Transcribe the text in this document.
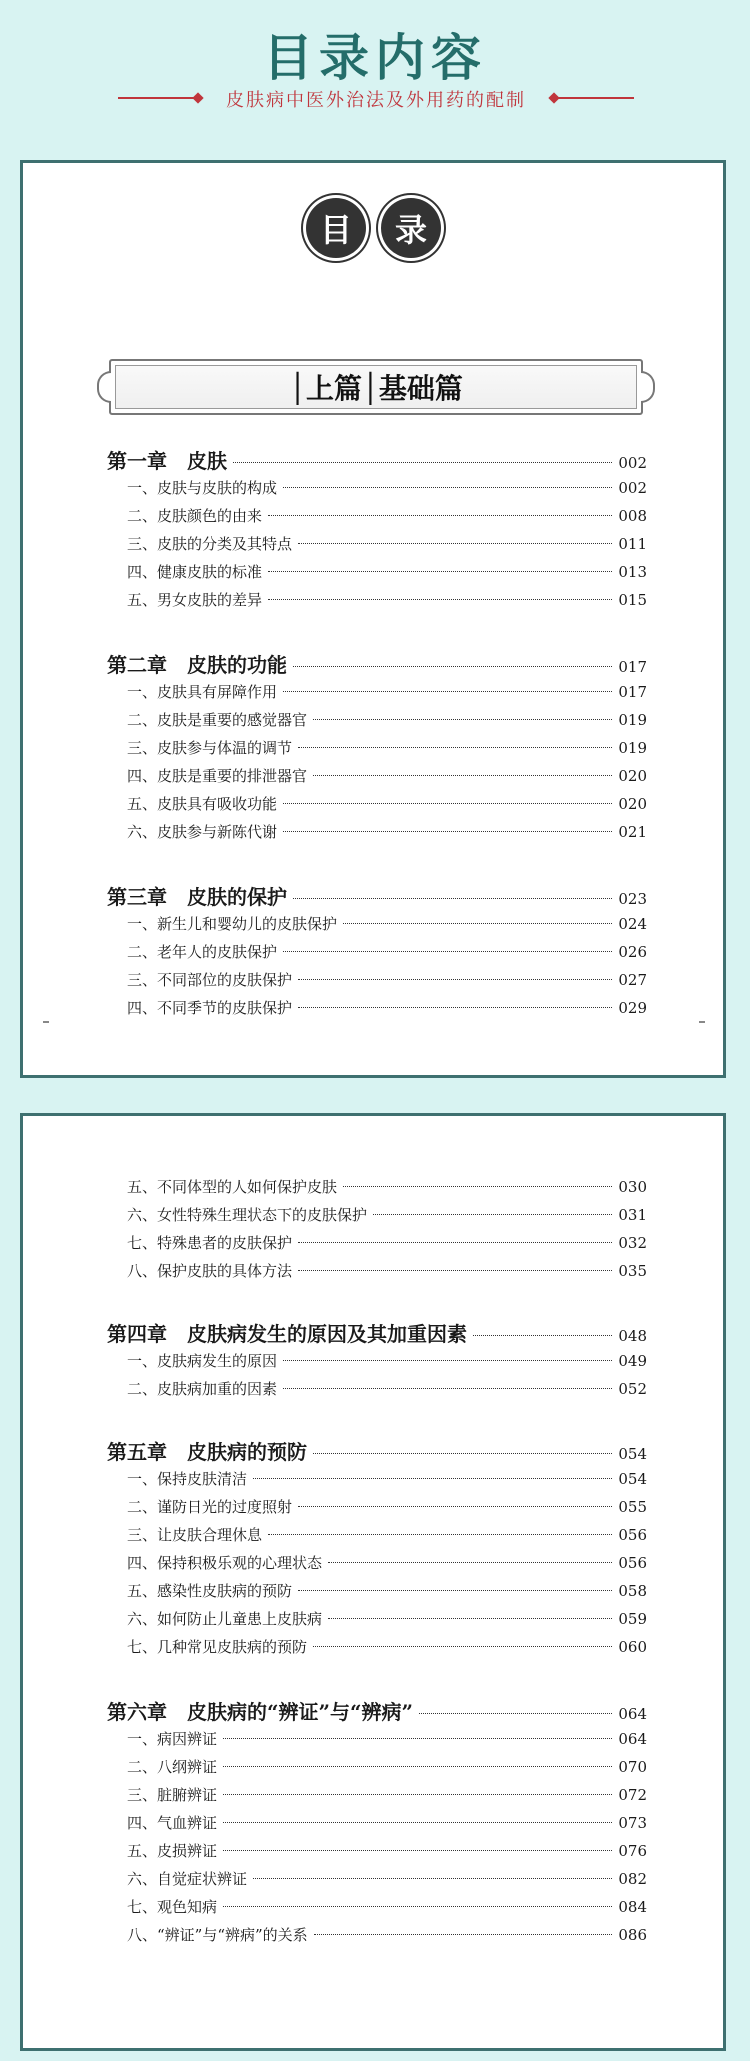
目录内容
皮肤病中医外治法及外用药的配制
目	录
│上篇│基础篇
第一章　皮肤	002
一、皮肤与皮肤的构成	002
二、皮肤颜色的由来	008
三、皮肤的分类及其特点	011
四、健康皮肤的标准	013
五、男女皮肤的差异	015
第二章　皮肤的功能	017
一、皮肤具有屏障作用	017
二、皮肤是重要的感觉器官	019
三、皮肤参与体温的调节	019
四、皮肤是重要的排泄器官	020
五、皮肤具有吸收功能	020
六、皮肤参与新陈代谢	021
第三章　皮肤的保护	023
一、新生儿和婴幼儿的皮肤保护	024
二、老年人的皮肤保护	026
三、不同部位的皮肤保护	027
四、不同季节的皮肤保护	029
五、不同体型的人如何保护皮肤	030
六、女性特殊生理状态下的皮肤保护	031
七、特殊患者的皮肤保护	032
八、保护皮肤的具体方法	035
第四章　皮肤病发生的原因及其加重因素	048
一、皮肤病发生的原因	049
二、皮肤病加重的因素	052
第五章　皮肤病的预防	054
一、保持皮肤清洁	054
二、谨防日光的过度照射	055
三、让皮肤合理休息	056
四、保持积极乐观的心理状态	056
五、感染性皮肤病的预防	058
六、如何防止儿童患上皮肤病	059
七、几种常见皮肤病的预防	060
第六章　皮肤病的“辨证”与“辨病”	064
一、病因辨证	064
二、八纲辨证	070
三、脏腑辨证	072
四、气血辨证	073
五、皮损辨证	076
六、自觉症状辨证	082
七、观色知病	084
八、“辨证”与“辨病”的关系	086
